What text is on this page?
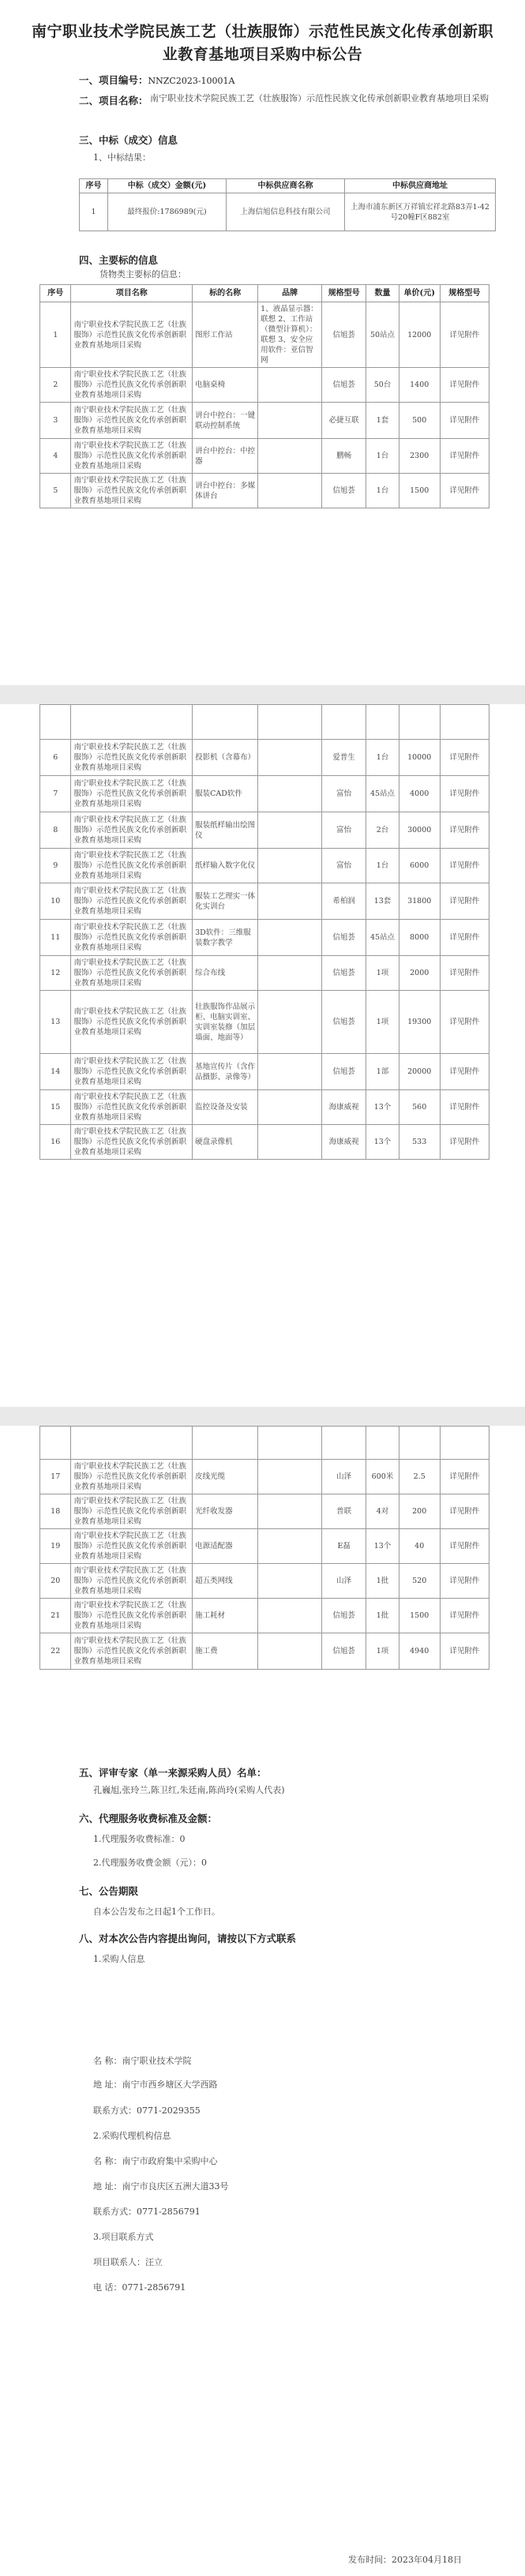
南宁职业技术学院民族工艺（壮族服饰）示范性民族文化传承创新职业教育基地项目采购中标公告
一、项目编号：NNZC2023-10001A
二、项目名称： 南宁职业技术学院民族工艺（壮族服饰）示范性民族文化传承创新职业教育基地项目采购
三、中标（成交）信息
1、中标结果：
序号	中标（成交）金额(元)	中标供应商名称	中标供应商地址
1	最终报价:1786989(元)	上海信旭信息科技有限公司	上海市浦东新区万祥镇宏祥北路83弄1-42号20幢F区882室
四、主要标的信息
货物类主要标的信息：
序号	项目名称	标的名称	品牌	规格型号	数量	单价(元)	规格型号
1	南宁职业技术学院民族工艺（壮族服饰）示范性民族文化传承创新职业教育基地项目采购	图形工作站	1、液晶显示器：联想 2、工作站（微型计算机）：联想 3、安全应用软件：亚信智网	信旭荟	50站点	12000	详见附件
2	南宁职业技术学院民族工艺（壮族服饰）示范性民族文化传承创新职业教育基地项目采购	电脑桌椅		信旭荟	50台	1400	详见附件
3	南宁职业技术学院民族工艺（壮族服饰）示范性民族文化传承创新职业教育基地项目采购	讲台中控台：一键联动控制系统		必捷互联	1套	500	详见附件
4	南宁职业技术学院民族工艺（壮族服饰）示范性民族文化传承创新职业教育基地项目采购	讲台中控台：中控器		鹏畅	1台	2300	详见附件
5	南宁职业技术学院民族工艺（壮族服饰）示范性民族文化传承创新职业教育基地项目采购	讲台中控台：多媒体讲台		信旭荟	1台	1500	详见附件

6	南宁职业技术学院民族工艺（壮族服饰）示范性民族文化传承创新职业教育基地项目采购	投影机（含幕布）		爱普生	1台	10000	详见附件
7	南宁职业技术学院民族工艺（壮族服饰）示范性民族文化传承创新职业教育基地项目采购	服装CAD软件		富怡	45站点	4000	详见附件
8	南宁职业技术学院民族工艺（壮族服饰）示范性民族文化传承创新职业教育基地项目采购	服装纸样输出绘图仪		富怡	2台	30000	详见附件
9	南宁职业技术学院民族工艺（壮族服饰）示范性民族文化传承创新职业教育基地项目采购	纸样输入数字化仪		富怡	1台	6000	详见附件
10	南宁职业技术学院民族工艺（壮族服饰）示范性民族文化传承创新职业教育基地项目采购	服装工艺理实一体化实训台		希柏润	13套	31800	详见附件
11	南宁职业技术学院民族工艺（壮族服饰）示范性民族文化传承创新职业教育基地项目采购	3D软件：三维服装数字教学		信旭荟	45站点	8000	详见附件
12	南宁职业技术学院民族工艺（壮族服饰）示范性民族文化传承创新职业教育基地项目采购	综合布线		信旭荟	1项	2000	详见附件
13	南宁职业技术学院民族工艺（壮族服饰）示范性民族文化传承创新职业教育基地项目采购	壮族服饰作品展示柜、电脑实训室、实训室装修（加层墙面、地面等）		信旭荟	1项	19300	详见附件
14	南宁职业技术学院民族工艺（壮族服饰）示范性民族文化传承创新职业教育基地项目采购	基地宣传片（含作品摄影、录像等）		信旭荟	1部	20000	详见附件
15	南宁职业技术学院民族工艺（壮族服饰）示范性民族文化传承创新职业教育基地项目采购	监控设备及安装		海康威视	13个	560	详见附件
16	南宁职业技术学院民族工艺（壮族服饰）示范性民族文化传承创新职业教育基地项目采购	硬盘录像机		海康威视	13个	533	详见附件

17	南宁职业技术学院民族工艺（壮族服饰）示范性民族文化传承创新职业教育基地项目采购	皮线光缆		山泽	600米	2.5	详见附件
18	南宁职业技术学院民族工艺（壮族服饰）示范性民族文化传承创新职业教育基地项目采购	光纤收发器		普联	4对	200	详见附件
19	南宁职业技术学院民族工艺（壮族服饰）示范性民族文化传承创新职业教育基地项目采购	电源适配器		E磊	13个	40	详见附件
20	南宁职业技术学院民族工艺（壮族服饰）示范性民族文化传承创新职业教育基地项目采购	超五类网线		山泽	1批	520	详见附件
21	南宁职业技术学院民族工艺（壮族服饰）示范性民族文化传承创新职业教育基地项目采购	施工耗材		信旭荟	1批	1500	详见附件
22	南宁职业技术学院民族工艺（壮族服饰）示范性民族文化传承创新职业教育基地项目采购	施工费		信旭荟	1项	4940	详见附件
五、评审专家（单一来源采购人员）名单：
孔巍旭,张玲兰,陈卫红,朱廷南,陈尚玲(采购人代表)
六、代理服务收费标准及金额：
1.代理服务收费标准：0
2.代理服务收费金额（元）：0
七、公告期限
自本公告发布之日起1个工作日。
八、对本次公告内容提出询问，请按以下方式联系
1.采购人信息
名 称：南宁职业技术学院
地 址：南宁市西乡塘区大学西路
联系方式：0771-2029355
2.采购代理机构信息
名 称：南宁市政府集中采购中心
地 址：南宁市良庆区五洲大道33号
联系方式：0771-2856791
3.项目联系方式
项目联系人：汪立
电 话：0771-2856791
发布时间：2023年04月18日
